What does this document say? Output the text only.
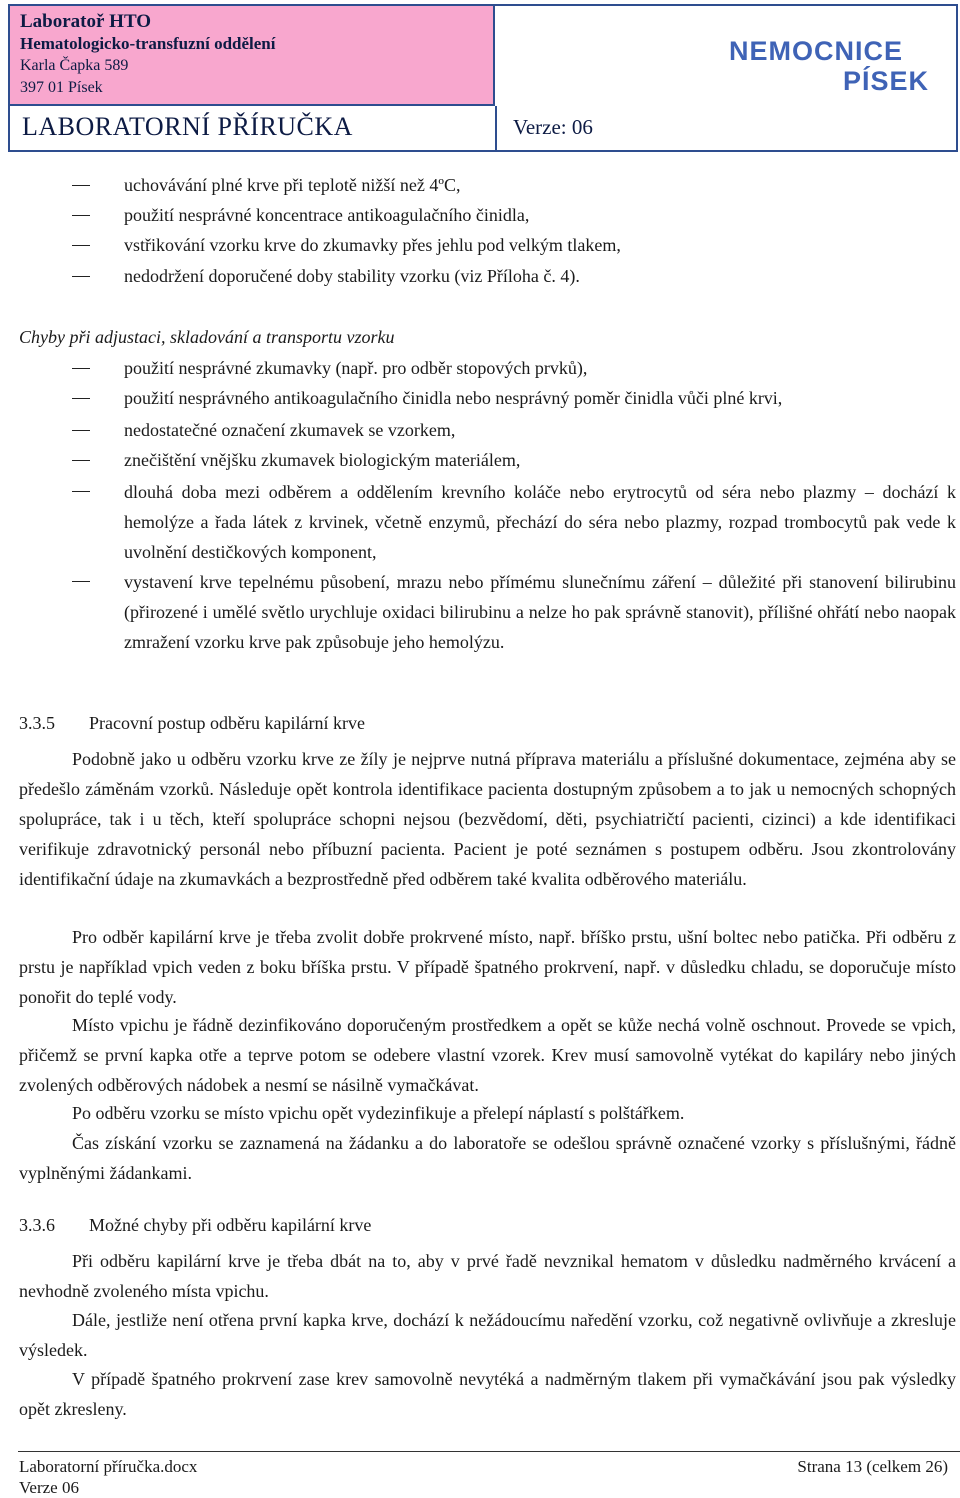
Laboratoř HTO
Hematologicko-transfuzní oddělení
Karla Čapka 589
397 01 Písek
NEMOCNICE
PÍSEK
LABORATORNÍ PŘÍRUČKA	Verze: 06
uchovávání plné krve při teplotě nižší než 4ºC,
použití nesprávné koncentrace antikoagulačního činidla,
vstřikování vzorku krve do zkumavky přes jehlu pod velkým tlakem,
nedodržení doporučené doby stability vzorku (viz Příloha č. 4).
Chyby při adjustaci, skladování a transportu vzorku
použití nesprávné zkumavky (např. pro odběr stopových prvků),
použití nesprávného antikoagulačního činidla nebo nesprávný poměr činidla vůči plné krvi,
nedostatečné označení zkumavek se vzorkem,
znečištění vnějšku zkumavek biologickým materiálem,
dlouhá doba mezi odběrem a oddělením krevního koláče nebo erytrocytů od séra nebo plazmy – dochází k hemolýze a řada látek z krvinek, včetně enzymů, přechází do séra nebo plazmy, rozpad trombocytů pak vede k uvolnění destičkových komponent,
vystavení krve tepelnému působení, mrazu nebo přímému slunečnímu záření – důležité při stanovení bilirubinu (přirozené i umělé světlo urychluje oxidaci bilirubinu a nelze ho pak správně stanovit), přílišné ohřátí nebo naopak zmražení vzorku krve pak způsobuje jeho hemolýzu.
3.3.5 Pracovní postup odběru kapilární krve
Podobně jako u odběru vzorku krve ze žíly je nejprve nutná příprava materiálu a příslušné dokumentace, zejména aby se předešlo záměnám vzorků. Následuje opět kontrola identifikace pacienta dostupným způsobem a to jak u nemocných schopných spolupráce, tak i u těch, kteří spolupráce schopni nejsou (bezvědomí, děti, psychiatričtí pacienti, cizinci) a kde identifikaci verifikuje zdravotnický personál nebo příbuzní pacienta. Pacient je poté seznámen s postupem odběru. Jsou zkontrolovány identifikační údaje na zkumavkách a bezprostředně před odběrem také kvalita odběrového materiálu.
Pro odběr kapilární krve je třeba zvolit dobře prokrvené místo, např. bříško prstu, ušní boltec nebo patička. Při odběru z prstu je například vpich veden z boku bříška prstu. V případě špatného prokrvení, např. v důsledku chladu, se doporučuje místo ponořit do teplé vody.
Místo vpichu je řádně dezinfikováno doporučeným prostředkem a opět se kůže nechá volně oschnout. Provede se vpich, přičemž se první kapka otře a teprve potom se odebere vlastní vzorek. Krev musí samovolně vytékat do kapiláry nebo jiných zvolených odběrových nádobek a nesmí se násilně vymačkávat.
Po odběru vzorku se místo vpichu opět vydezinfikuje a přelepí náplastí s polštářkem.
Čas získání vzorku se zaznamená na žádanku a do laboratoře se odešlou správně označené vzorky s příslušnými, řádně vyplněnými žádankami.
3.3.6 Možné chyby při odběru kapilární krve
Při odběru kapilární krve je třeba dbát na to, aby v prvé řadě nevznikal hematom v důsledku nadměrného krvácení a nevhodně zvoleného místa vpichu.
Dále, jestliže není otřena první kapka krve, dochází k nežádoucímu naředění vzorku, což negativně ovlivňuje a zkresluje výsledek.
V případě špatného prokrvení zase krev samovolně nevytéká a nadměrným tlakem při vymačkávání jsou pak výsledky opět zkresleny.
Laboratorní příručka.docx
Verze 06
Strana 13 (celkem 26)
